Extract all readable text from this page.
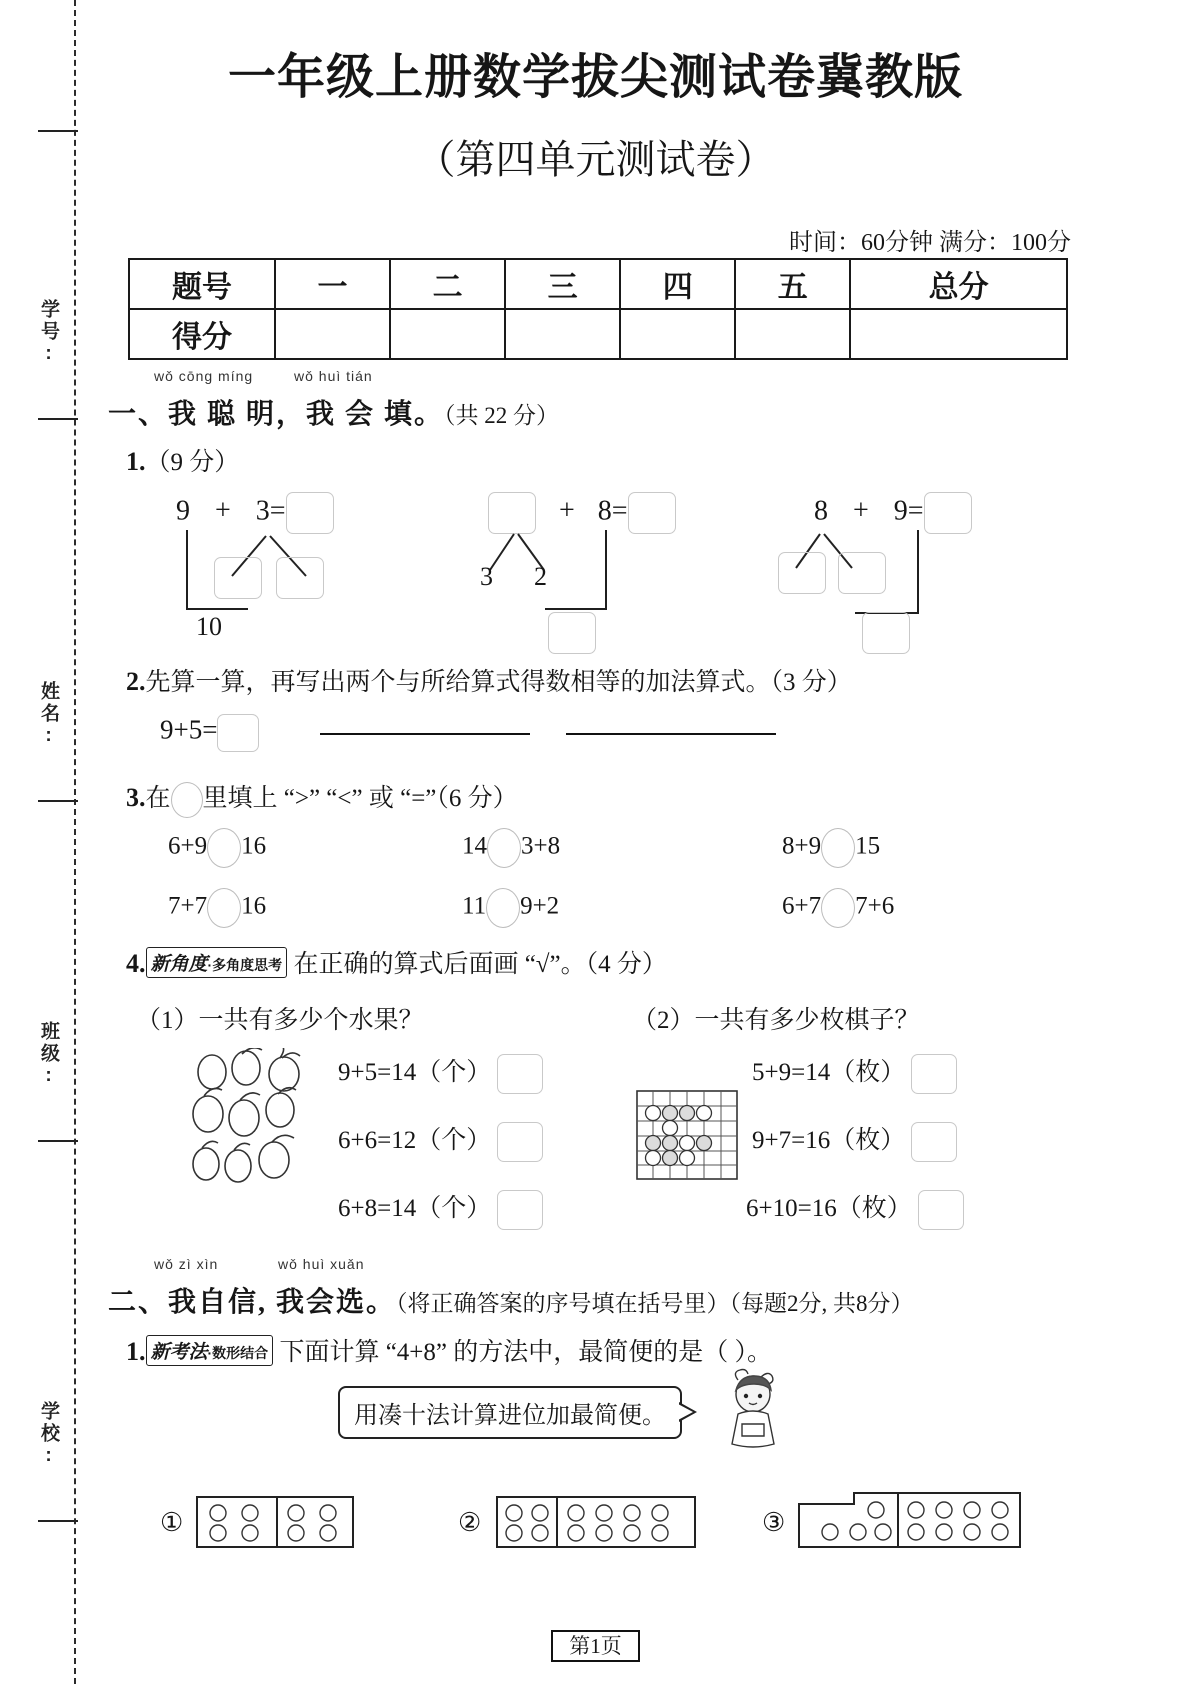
学号:
姓名:
班级:
学校:
一年级上册数学拔尖测试卷冀教版
（第四单元测试卷）
时间：60分钟 满分：100分
题号	一	二	三	四	五	总分
得分						
wǒ cōng míng	wǒ huì tián
一、我 聪 明，我 会 填。（共 22 分）
1.（9 分）
9 + 3=
10
+ 8=
3 2
8 + 9=
2.先算一算，再写出两个与所给算式得数相等的加法算式。（3 分）
9+5=
3.在 里填上 “>” “<” 或 “=”（6 分）
6+9 16	14 3+8	8+9 15
7+7 16	11 9+2	6+7 7+6
4. 新角度·多角度思考 在正确的算式后面画 “√”。（4 分）
（1）一共有多少个水果？	（2）一共有多少枚棋子？
9+5=14（个）
6+6=12（个）
6+8=14（个）
5+9=14（枚）
9+7=16（枚）
6+10=16（枚）
wǒ zì xìn	wǒ huì xuǎn
二、我自信, 我会选。（将正确答案的序号填在括号里）（每题2分, 共8分）
1. 新考法·数形结合 下面计算 “4+8” 的方法中，最简便的是（ ）。
用凑十法计算进位加最简便。
①	②	③
第1页
